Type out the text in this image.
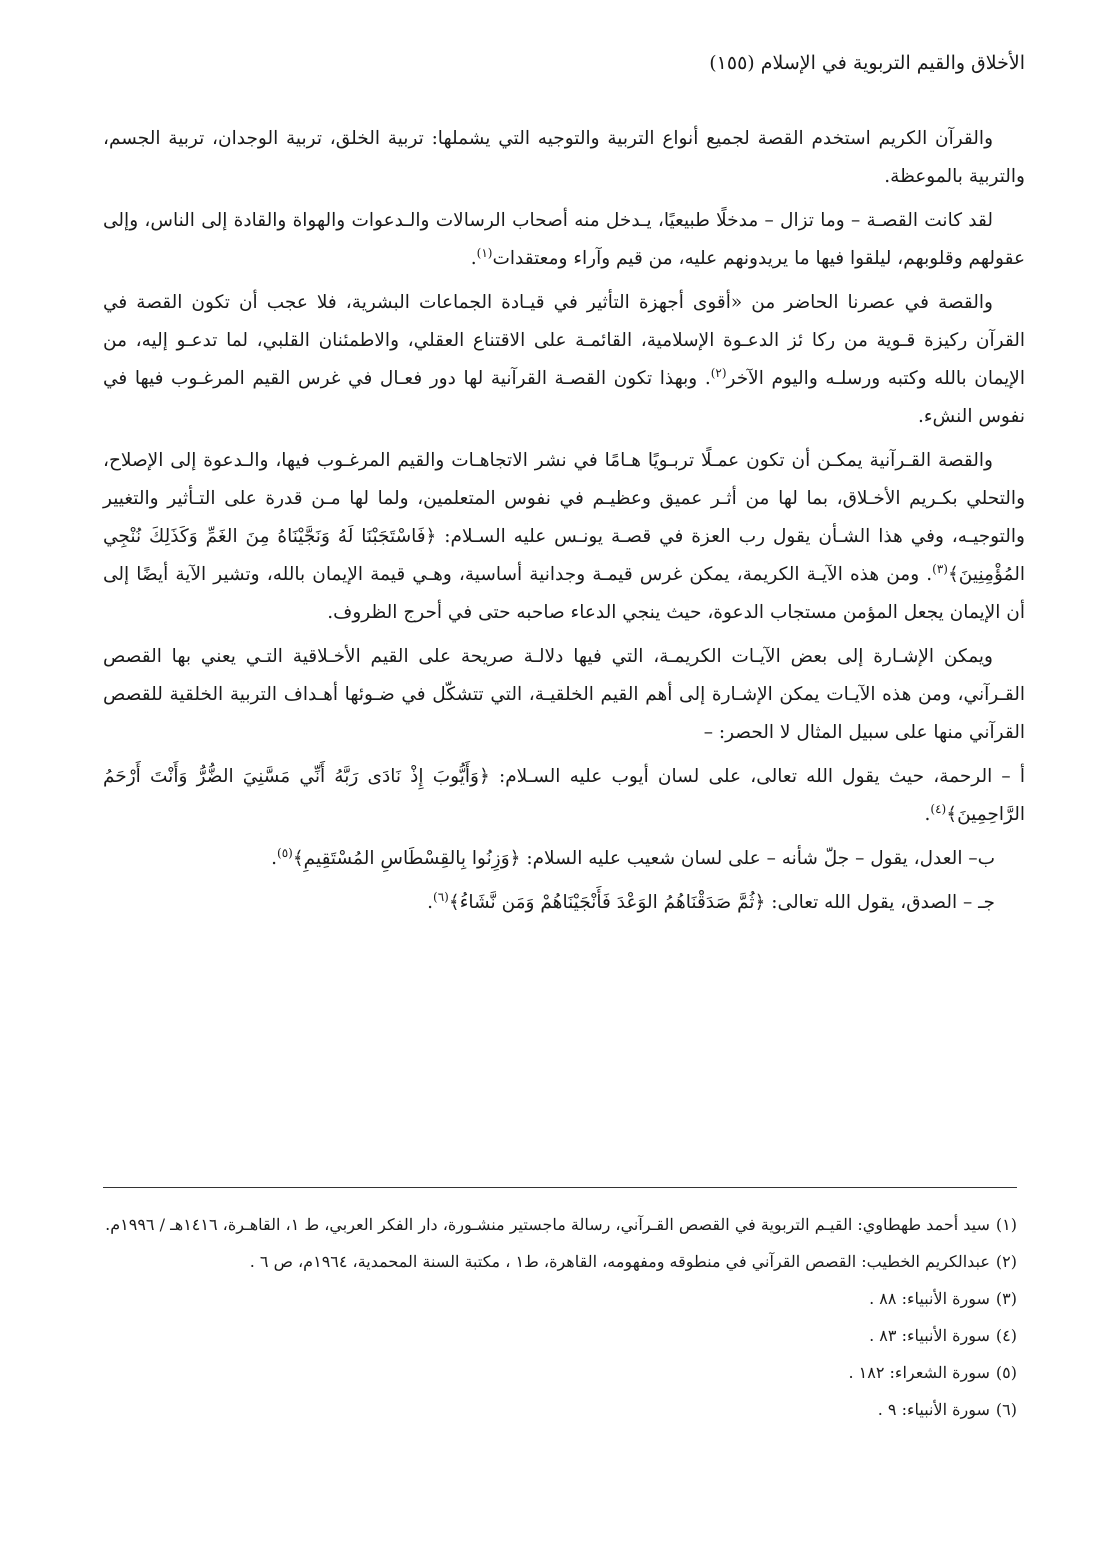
الأخلاق والقيم التربوية في الإسلام (١٥٥)

والقرآن الكريم استخدم القصة لجميع أنواع التربية والتوجيه التي يشملها: تربية الخلق، تربية الوجدان، تربية الجسم، والتربية بالموعظة.

لقد كانت القصـة – وما تزال – مدخلًا طبيعيًا، يـدخل منه أصحاب الرسالات والـدعوات والهواة والقادة إلى الناس، وإلى عقولهم وقلوبهم، ليلقوا فيها ما يريدونهم عليه، من قيم وآراء ومعتقدات$^{(١)}$.

والقصة في عصرنا الحاضر من «أقوى أجهزة التأثير في قيـادة الجماعات البشرية، فلا عجب أن تكون القصة في القرآن ركيزة قـوية من ركا ئز الدعـوة الإسلامية، القائمـة على الاقتناع العقلي، والاطمئنان القلبي، لما تدعـو إليه، من الإيمان بالله وكتبه ورسلـه واليوم الآخر$^{(٢)}$. وبهذا تكون القصـة القرآنية لها دور فعـال في غرس القيم المرغـوب فيها في نفوس النشء.

والقصة القـرآنية يمكـن أن تكون عمـلًا تربـويًا هـامًا في نشر الاتجاهـات والقيم المرغـوب فيها، والـدعوة إلى الإصلاح، والتحلي بكـريم الأخـلاق، بما لها من أثـر عميق وعظيـم في نفوس المتعلمين، ولما لها مـن قدرة على التـأثير والتغيير والتوجيـه، وفي هذا الشـأن يقول رب العزة في قصـة يونـس عليه السـلام: ﴿فَاسْتَجَبْنَا لَهُ وَنَجَّيْنَاهُ مِنَ الغَمِّ وَكَذَلِكَ نُنْجِي المُؤْمِنِينَ﴾$^{(٣)}$. ومن هذه الآيـة الكريمة، يمكن غرس قيمـة وجدانية أساسية، وهـي قيمة الإيمان بالله، وتشير الآية أيضًا إلى أن الإيمان يجعل المؤمن مستجاب الدعوة، حيث ينجي الدعاء صاحبه حتى في أحرج الظروف.

ويمكن الإشـارة إلى بعض الآيـات الكريمـة، التي فيها دلالـة صريحة على القيم الأخـلاقية التـي يعني بها القصص القـرآني، ومن هذه الآيـات يمكن الإشـارة إلى أهم القيم الخلقيـة، التي تتشكّل في ضـوئها أهـداف التربية الخلقية للقصص القرآني منها على سبيل المثال لا الحصر: –

أ – الرحمة، حيث يقول الله تعالى، على لسان أيوب عليه السـلام: ﴿وَأَيُّوبَ إِذْ نَادَى رَبَّهُ أَنِّي مَسَّنِيَ الضُّرُّ وَأَنْتَ أَرْحَمُ الرَّاحِمِينَ﴾$^{(٤)}$.

ب– العدل، يقول – جلّ شأنه – على لسان شعيب عليه السلام: ﴿وَزِنُوا بِالقِسْطَاسِ المُسْتَقِيمِ﴾$^{(٥)}$.

جـ – الصدق، يقول الله تعالى: ﴿ثُمَّ صَدَقْنَاهُمُ الوَعْدَ فَأَنْجَيْنَاهُمْ وَمَن نَّشَاءُ﴾$^{(٦)}$.

(١)سيد أحمد طهطاوي: القيـم التربوية في القصص القـرآني، رسالة ماجستير منشـورة، دار الفكر العربي، ط ١، القاهـرة، ١٤١٦هـ / ١٩٩٦م.

(٢)عبدالكريم الخطيب: القصص القرآني في منطوقه ومفهومه، القاهرة، ط١ ، مكتبة السنة المحمدية، ١٩٦٤م، ص ٦ .

(٣)سورة الأنبياء: ٨٨ .

(٤)سورة الأنبياء: ٨٣ .

(٥)سورة الشعراء: ١٨٢ .

(٦)سورة الأنبياء: ٩ .
